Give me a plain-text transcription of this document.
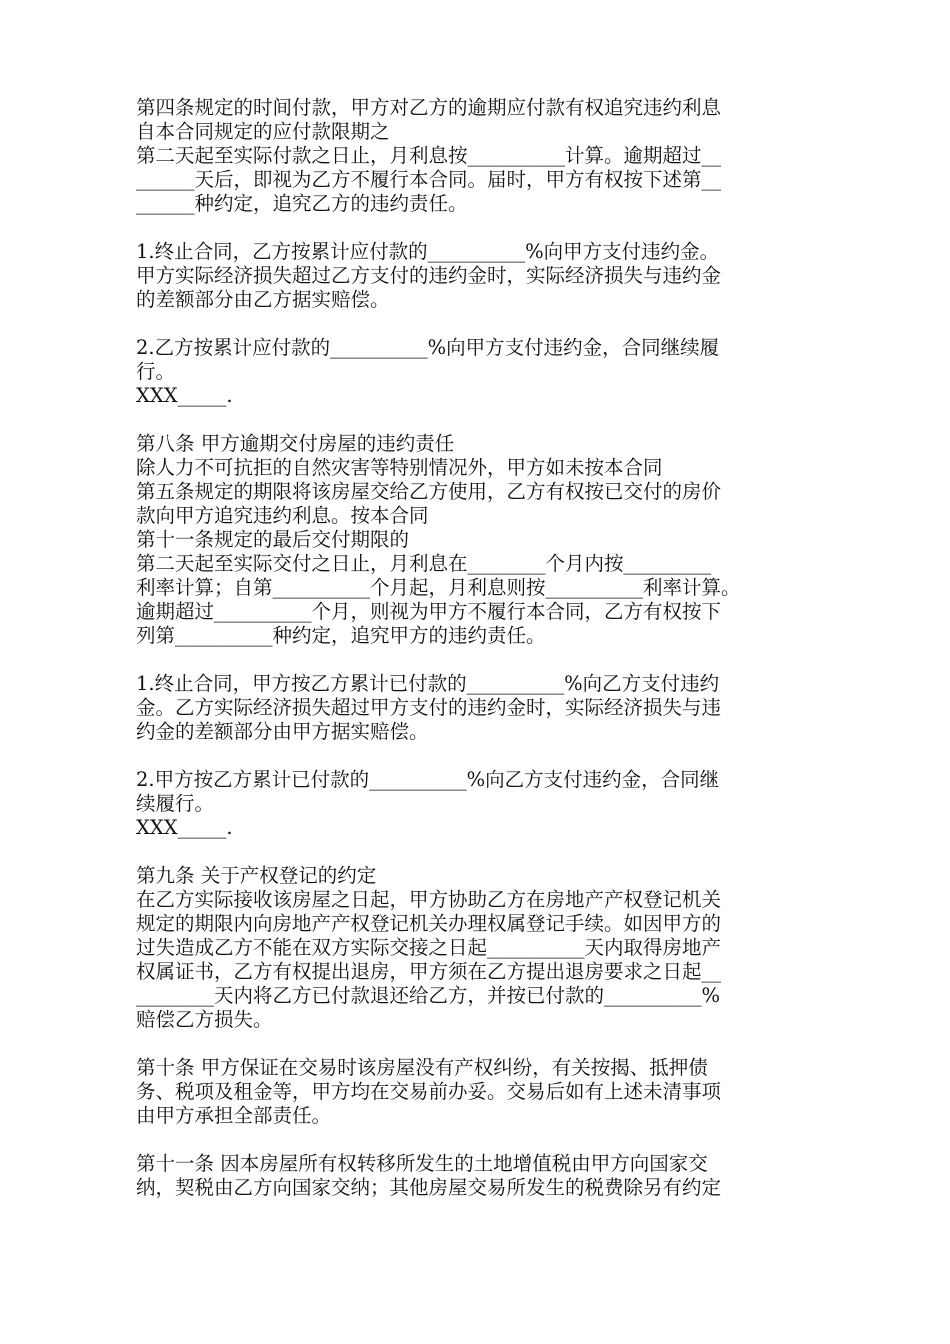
第四条规定的时间付款，甲方对乙方的逾期应付款有权追究违约利息
自本合同规定的应付款限期之
第二天起至实际付款之日止，月利息按__________计算。逾期超过__
______天后，即视为乙方不履行本合同。届时，甲方有权按下述第__
______种约定，追究乙方的违约责任。
1.终止合同，乙方按累计应付款的__________%向甲方支付违约金。
甲方实际经济损失超过乙方支付的违约金时，实际经济损失与违约金
的差额部分由乙方据实赔偿。
2.乙方按累计应付款的__________%向甲方支付违约金，合同继续履
行。
XXX_____.
第八条 甲方逾期交付房屋的违约责任
除人力不可抗拒的自然灾害等特别情况外，甲方如未按本合同
第五条规定的期限将该房屋交给乙方使用，乙方有权按已交付的房价
款向甲方追究违约利息。按本合同
第十一条规定的最后交付期限的
第二天起至实际交付之日止，月利息在________个月内按_________
利率计算；自第__________个月起，月利息则按__________利率计算。
逾期超过__________个月，则视为甲方不履行本合同，乙方有权按下
列第__________种约定，追究甲方的违约责任。
1.终止合同，甲方按乙方累计已付款的__________%向乙方支付违约
金。乙方实际经济损失超过甲方支付的违约金时，实际经济损失与违
约金的差额部分由甲方据实赔偿。
2.甲方按乙方累计已付款的__________%向乙方支付违约金，合同继
续履行。
XXX_____.
第九条 关于产权登记的约定
在乙方实际接收该房屋之日起，甲方协助乙方在房地产产权登记机关
规定的期限内向房地产产权登记机关办理权属登记手续。如因甲方的
过失造成乙方不能在双方实际交接之日起__________天内取得房地产
权属证书，乙方有权提出退房，甲方须在乙方提出退房要求之日起__
________天内将乙方已付款退还给乙方，并按已付款的__________%
赔偿乙方损失。
第十条 甲方保证在交易时该房屋没有产权纠纷，有关按揭、抵押债
务、税项及租金等，甲方均在交易前办妥。交易后如有上述未清事项
由甲方承担全部责任。
第十一条 因本房屋所有权转移所发生的土地增值税由甲方向国家交
纳，契税由乙方向国家交纳；其他房屋交易所发生的税费除另有约定
